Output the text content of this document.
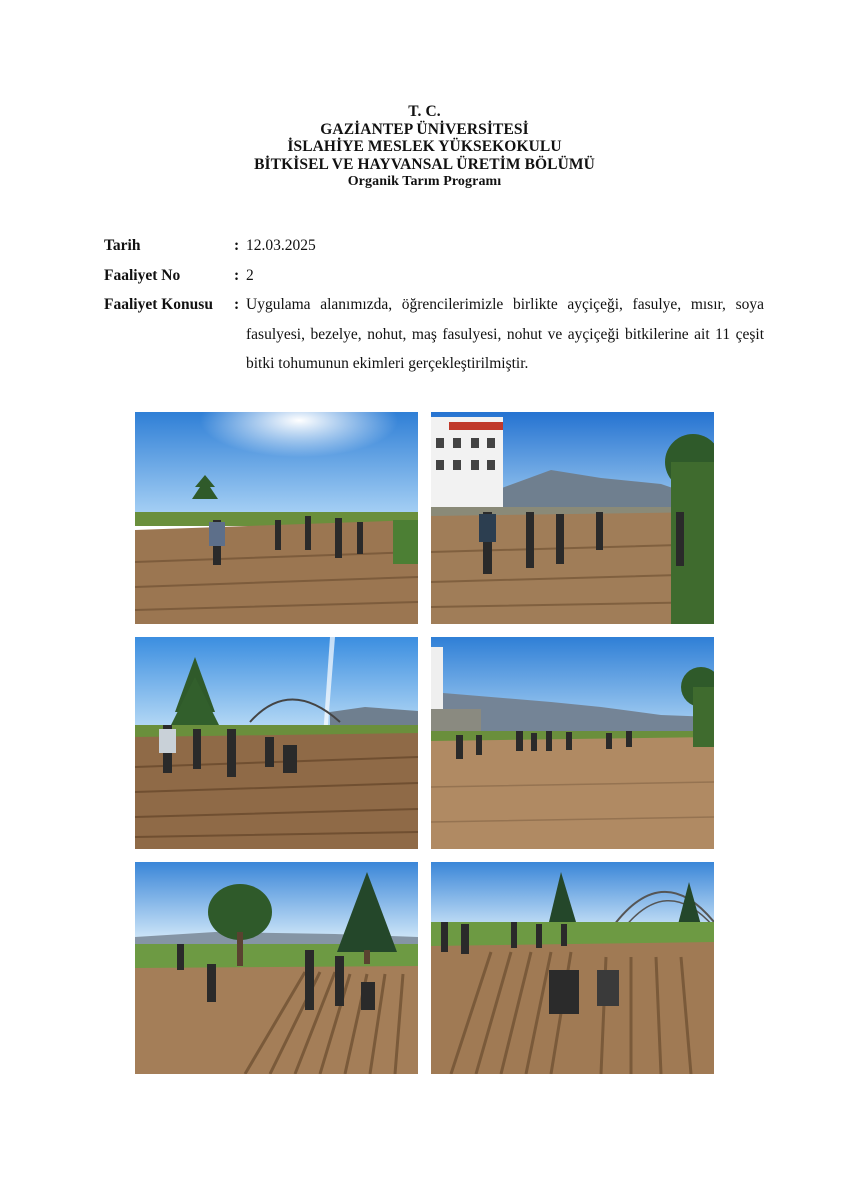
T. C.
GAZİANTEP ÜNİVERSİTESİ
İSLAHİYE MESLEK YÜKSEKOKULU
BİTKİSEL VE HAYVANSAL ÜRETİM BÖLÜMÜ
Organik Tarım Programı
Tarih	: 12.03.2025
Faaliyet No	: 2
Faaliyet Konusu	: Uygulama alanımızda, öğrencilerimizle birlikte ayçiçeği, fasulye, mısır, soya fasulyesi, bezelye, nohut, maş fasulyesi, nohut ve ayçiçeği bitkilerine ait 11 çeşit bitki tohumunun ekimleri gerçekleştirilmiştir.
